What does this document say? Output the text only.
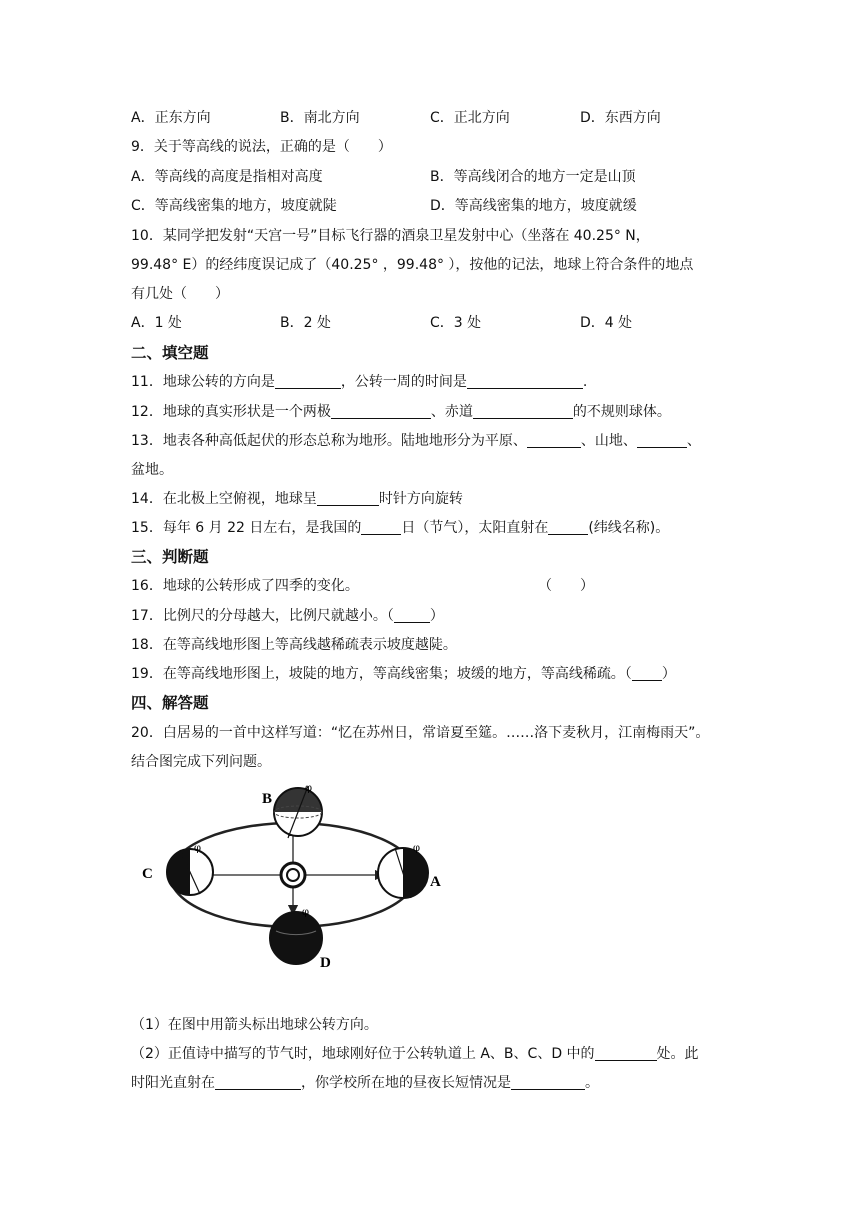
A．正东方向	B．南北方向	C．正北方向	D．东西方向
9．关于等高线的说法，正确的是（　　）
A．等高线的高度是指相对高度	B．等高线闭合的地方一定是山顶
C．等高线密集的地方，坡度就陡	D．等高线密集的地方，坡度就缓
10．某同学把发射“天宫一号”目标飞行器的酒泉卫星发射中心（坐落在 40.25° N，
99.48° E）的经纬度误记成了（40.25° ，99.48° ），按他的记法，地球上符合条件的地点
有几处（　　）
A．1 处	B．2 处	C．3 处	D．4 处
二、填空题
11．地球公转的方向是	，公转一周的时间是	.
12．地球的真实形状是一个两极	、赤道	的不规则球体。
13．地表各种高低起伏的形态总称为地形。陆地地形分为平原、	、山地、	、
盆地。
14．在北极上空俯视，地球呈	时针方向旋转
15．每年 6 月 22 日左右，是我国的	日（节气），太阳直射在	(纬线名称)。
三、判断题
16．地球的公转形成了四季的变化。	（　　）
17．比例尺的分母越大，比例尺就越小。（	）
18．在等高线地形图上等高线越稀疏表示坡度越陡。
19．在等高线地形图上，坡陡的地方，等高线密集；坡缓的地方，等高线稀疏。（ ）
四、解答题
20．白居易的一首中这样写道：“忆在苏州日，常谙夏至筵。……洛下麦秋月，江南梅雨天”。
结合图完成下列问题。
B
C	A
D
φ
φ	φ
φ
（1）在图中用箭头标出地球公转方向。
（2）正值诗中描写的节气时，地球刚好位于公转轨道上 A、B、C、D 中的	处。此
时阳光直射在	，你学校所在地的昼夜长短情况是	。
